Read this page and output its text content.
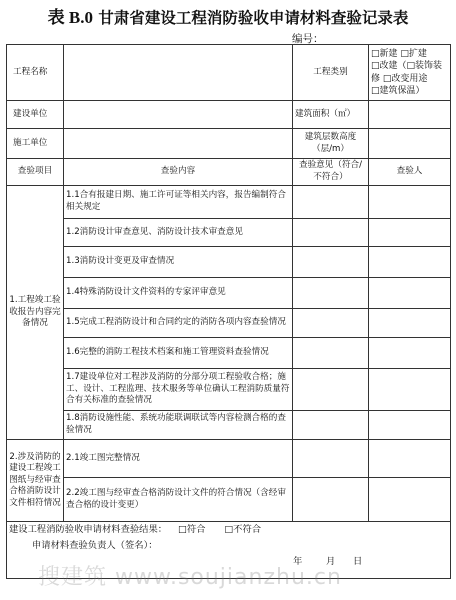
表 B.0 甘肃省建设工程消防验收申请材料查验记录表
编号：
工程名称		工程类别	□新建 □扩建
□改建（□装饰装
修 □改变用途
□建筑保温）

建设单位		建筑面积（㎡）	
施工单位		建筑层数高度（层/m）	
查验项目	查验内容	查验意见（符合/不符合）	查验人
1.工程竣工验收报告内容完备情况	1.1合有报建日期、施工许可证等相关内容，报告编制符合相关规定		
	1.2消防设计审查意见、消防设计技术审查意见		
	1.3消防设计变更及审查情况		
	1.4特殊消防设计文件资料的专家评审意见		
	1.5完成工程消防设计和合同约定的消防各项内容查验情况		
	1.6完整的消防工程技术档案和施工管理资料查验情况		
	1.7建设单位对工程涉及消防的分部分项工程验收合格；施工、设计、工程监理、技术服务等单位确认工程消防质量符合有关标准的查验情况		
	1.8消防设施性能、系统功能联调联试等内容检测合格的查验情况		
2.涉及消防的建设工程竣工图纸与经审查合格消防设计文件相符情况	2.1竣工图完整情况		
	2.2竣工图与经审查合格消防设计文件的符合情况（含经审查合格的设计变更）		

建设工程消防验收申请材料查验结果： □符合 □不符合
申请材料查验负责人（签名）：
年 月 日			
搜建筑 www.soujianzhu.cn
